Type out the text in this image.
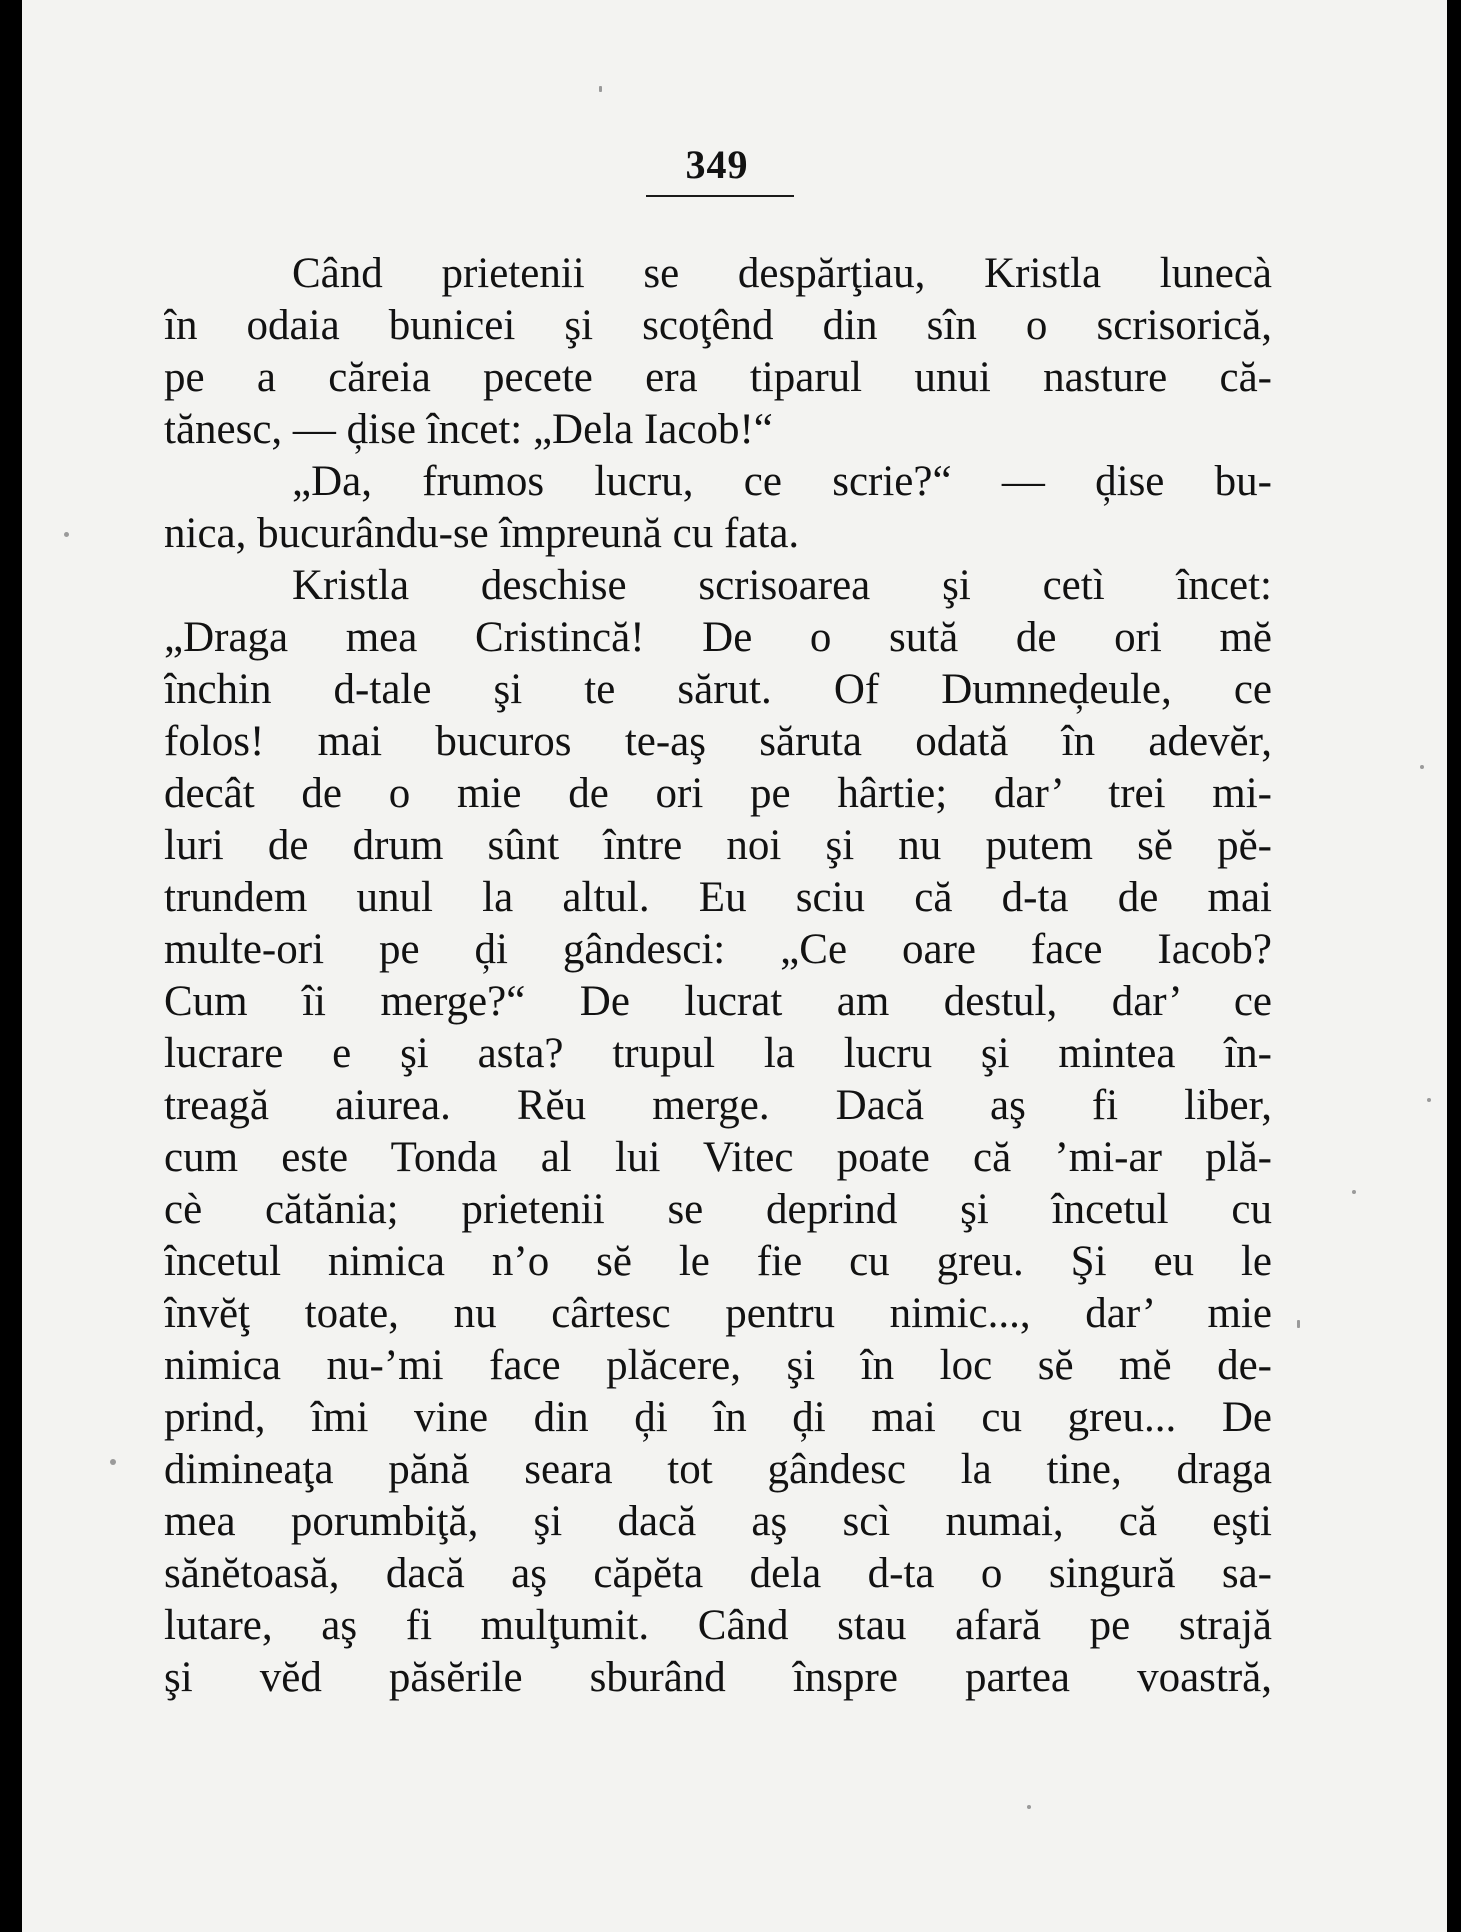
349
Când prietenii se despărţiau, Kristla lunecà
în odaia bunicei şi scoţênd din sîn o scrisorică,
pe a cărеia pecete era tiparul unui nasture că-
tănesc, — ḑise încet: „Dela Iacob!“
„Da, frumos lucru, ce scrie?“ — ḑise bu-
nica, bucurându-se împreună cu fata.
Kristla deschise scrisoarea şi cetì încet:
„Draga mea Cristincă! De o sută de ori mĕ
închin d-tale şi te sărut. Of Dumneḑeule, ce
folos! mai bucuros te-aş săruta odată în adevĕr,
decât de o mie de ori pe hârtie; dar’ trei mi-
luri de drum sûnt între noi şi nu putem sĕ pĕ-
trundem unul la altul. Eu sciu că d-ta de mai
multe-ori pe ḑi gândesci: „Ce oare face Iacob?
Cum îi merge?“ De lucrat am destul, dar’ ce
lucrare e şi asta? trupul la lucru şi mintea în-
treagă aiurea. Rĕu merge. Dacă aş fi liber,
cum este Tonda al lui Vitec poate că ’mi-ar plă-
cè cătănia; prietenii se deprind şi încetul cu
încetul nimica n’o sĕ le fie cu greu. Şi eu le
învĕţ toate, nu cârtesc pentru nimic..., dar’ mie
nimica nu-’mi face plăcere, şi în loc sĕ mĕ de-
prind, îmi vine din ḑi în ḑi mai cu greu... De
dimineaţa pănă seara tot gândesc la tine, draga
mea porumbiţă, şi dacă aş scì numai, că eşti
sănĕtoasă, dacă aş căpĕta dela d-ta o singură sa-
lutare, aş fi mulţumit. Când stau afară pe strajă
şi vĕd păsĕrile sburând înspre partea voastră,
